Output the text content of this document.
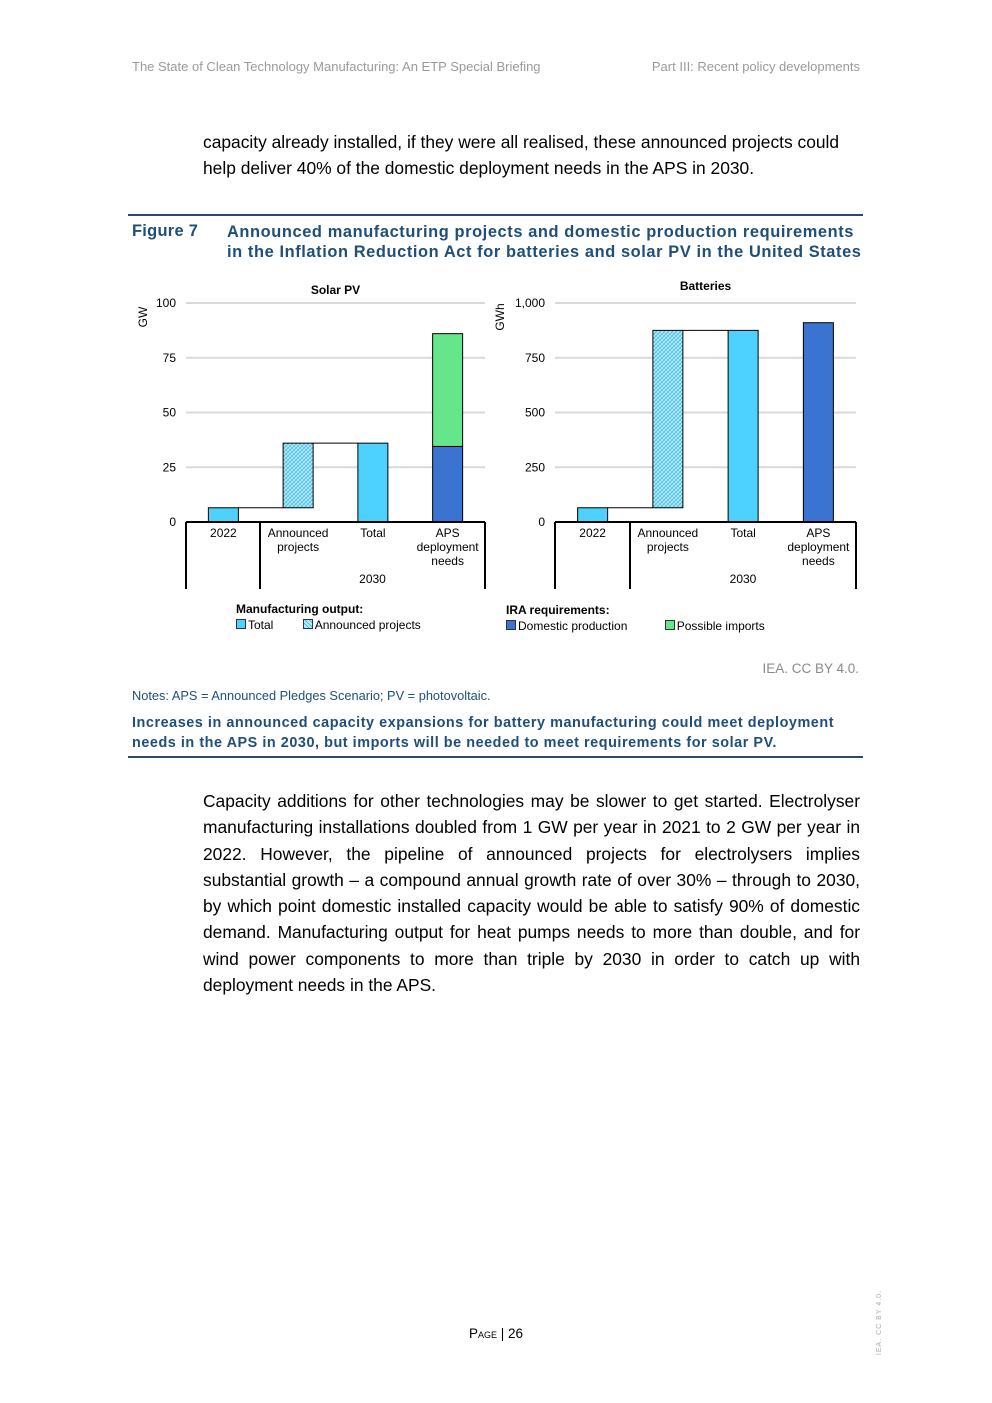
The State of Clean Technology Manufacturing: An ETP Special Briefing	Part III: Recent policy developments
capacity already installed, if they were all realised, these announced projects could help deliver 40% of the domestic deployment needs in the APS in 2030.
Figure 7 Announced manufacturing projects and domestic production requirements in the Inflation Reduction Act for batteries and solar PV in the United States
Solar PV
GW
0
25
50
75
100
2022	Announced projects
Total	APS deployment needs
2030
Batteries
GWh
0
250
500
750
1,000
2022	Announced projects
Total	APS deployment needs
2030
Manufacturing output:
Total	Announced projects
IRA requirements:
Domestic production	Possible imports
IEA. CC BY 4.0.
Notes: APS = Announced Pledges Scenario; PV = photovoltaic.
Increases in announced capacity expansions for battery manufacturing could meet deployment needs in the APS in 2030, but imports will be needed to meet requirements for solar PV.
Capacity additions for other technologies may be slower to get started. Electrolyser manufacturing installations doubled from 1 GW per year in 2021 to 2 GW per year in 2022. However, the pipeline of announced projects for electrolysers implies substantial growth – a compound annual growth rate of over 30% – through to 2030, by which point domestic installed capacity would be able to satisfy 90% of domestic demand. Manufacturing output for heat pumps needs to more than double, and for wind power components to more than triple by 2030 in order to catch up with deployment needs in the APS.
Page | 26	IEA. CC BY 4.0.
